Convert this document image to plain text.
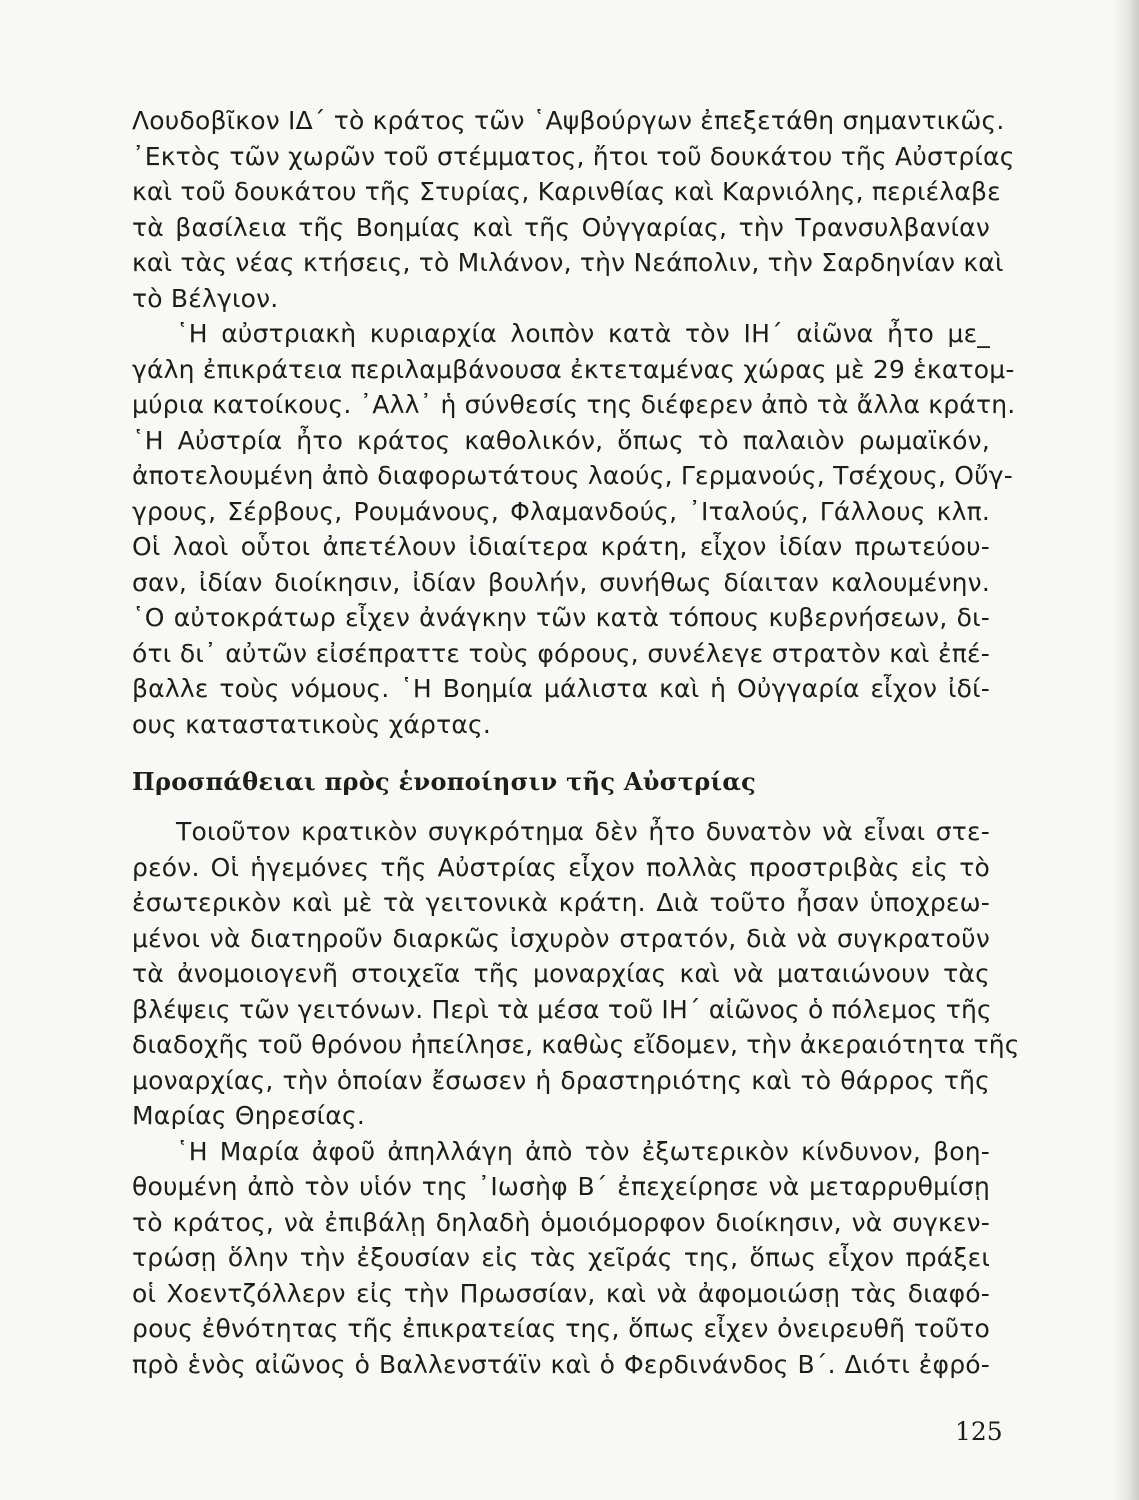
Λουδοβῖκον ΙΔ΄ τὸ κράτος τῶν ῾Αψβούργων ἐπεξετάθη σημαντικῶς.
᾿Εκτὸς τῶν χωρῶν τοῦ στέμματος, ἤτοι τοῦ δουκάτου τῆς Αὐστρίας
καὶ τοῦ δουκάτου τῆς Στυρίας, Καρινθίας καὶ Καρνιόλης, περιέλαβε
τὰ βασίλεια τῆς Βοημίας καὶ τῆς Οὐγγαρίας, τὴν Τρανσυλβανίαν
καὶ τὰς νέας κτήσεις, τὸ Μιλάνον, τὴν Νεάπολιν, τὴν Σαρδηνίαν καὶ
τὸ Βέλγιον.
῾Η αὐστριακὴ κυριαρχία λοιπὸν κατὰ τὸν ΙΗ΄ αἰῶνα ἦτο με_
γάλη ἐπικράτεια περιλαμβάνουσα ἐκτεταμένας χώρας μὲ 29 ἑκατομ-
μύρια κατοίκους. ᾿Αλλ᾿ ἡ σύνθεσίς της διέφερεν ἀπὸ τὰ ἄλλα κράτη.
῾Η Αὐστρία ἦτο κράτος καθολικόν, ὅπως τὸ παλαιὸν ρωμαϊκόν,
ἀποτελουμένη ἀπὸ διαφορωτάτους λαούς, Γερμανούς, Τσέχους, Οὔγ-
γρους, Σέρβους, Ρουμάνους, Φλαμανδούς, ᾿Ιταλούς, Γάλλους κλπ.
Οἱ λαοὶ οὗτοι ἀπετέλουν ἰδιαίτερα κράτη, εἶχον ἰδίαν πρωτεύου-
σαν, ἰδίαν διοίκησιν, ἰδίαν βουλήν, συνήθως δίαιταν καλουμένην.
῾Ο αὐτοκράτωρ εἶχεν ἀνάγκην τῶν κατὰ τόπους κυβερνήσεων, δι-
ότι δι᾿ αὐτῶν εἰσέπραττε τοὺς φόρους, συνέλεγε στρατὸν καὶ ἐπέ-
βαλλε τοὺς νόμους. ῾Η Βοημία μάλιστα καὶ ἡ Οὐγγαρία εἶχον ἰδί-
ους καταστατικοὺς χάρτας.
Προσπάθειαι πρὸς ἑνοποίησιν τῆς Αὐστρίας
Τοιοῦτον κρατικὸν συγκρότημα δὲν ἦτο δυνατὸν νὰ εἶναι στε-
ρεόν. Οἱ ἡγεμόνες τῆς Αὐστρίας εἶχον πολλὰς προστριβὰς εἰς τὸ
ἐσωτερικὸν καὶ μὲ τὰ γειτονικὰ κράτη. Διὰ τοῦτο ἦσαν ὑποχρεω-
μένοι νὰ διατηροῦν διαρκῶς ἰσχυρὸν στρατόν, διὰ νὰ συγκρατοῦν
τὰ ἀνομοιογενῆ στοιχεῖα τῆς μοναρχίας καὶ νὰ ματαιώνουν τὰς
βλέψεις τῶν γειτόνων. Περὶ τὰ μέσα τοῦ ΙΗ΄ αἰῶνος ὁ πόλεμος τῆς
διαδοχῆς τοῦ θρόνου ἠπείλησε, καθὼς εἴδομεν, τὴν ἀκεραιότητα τῆς
μοναρχίας, τὴν ὁποίαν ἔσωσεν ἡ δραστηριότης καὶ τὸ θάρρος τῆς
Μαρίας Θηρεσίας.
῾Η Μαρία ἀφοῦ ἀπηλλάγη ἀπὸ τὸν ἐξωτερικὸν κίνδυνον, βοη-
θουμένη ἀπὸ τὸν υἱόν της ᾿Ιωσὴφ Β΄ ἐπεχείρησε νὰ μεταρρυθμίσῃ
τὸ κράτος, νὰ ἐπιβάλῃ δηλαδὴ ὁμοιόμορφον διοίκησιν, νὰ συγκεν-
τρώσῃ ὅλην τὴν ἐξουσίαν εἰς τὰς χεῖράς της, ὅπως εἶχον πράξει
οἱ Χοεντζόλλερν εἰς τὴν Πρωσσίαν, καὶ νὰ ἀφομοιώσῃ τὰς διαφό-
ρους ἐθνότητας τῆς ἐπικρατείας της, ὅπως εἶχεν ὀνειρευθῆ τοῦτο
πρὸ ἑνὸς αἰῶνος ὁ Βαλλενστάϊν καὶ ὁ Φερδινάνδος Β΄. Διότι ἐφρό-
125
